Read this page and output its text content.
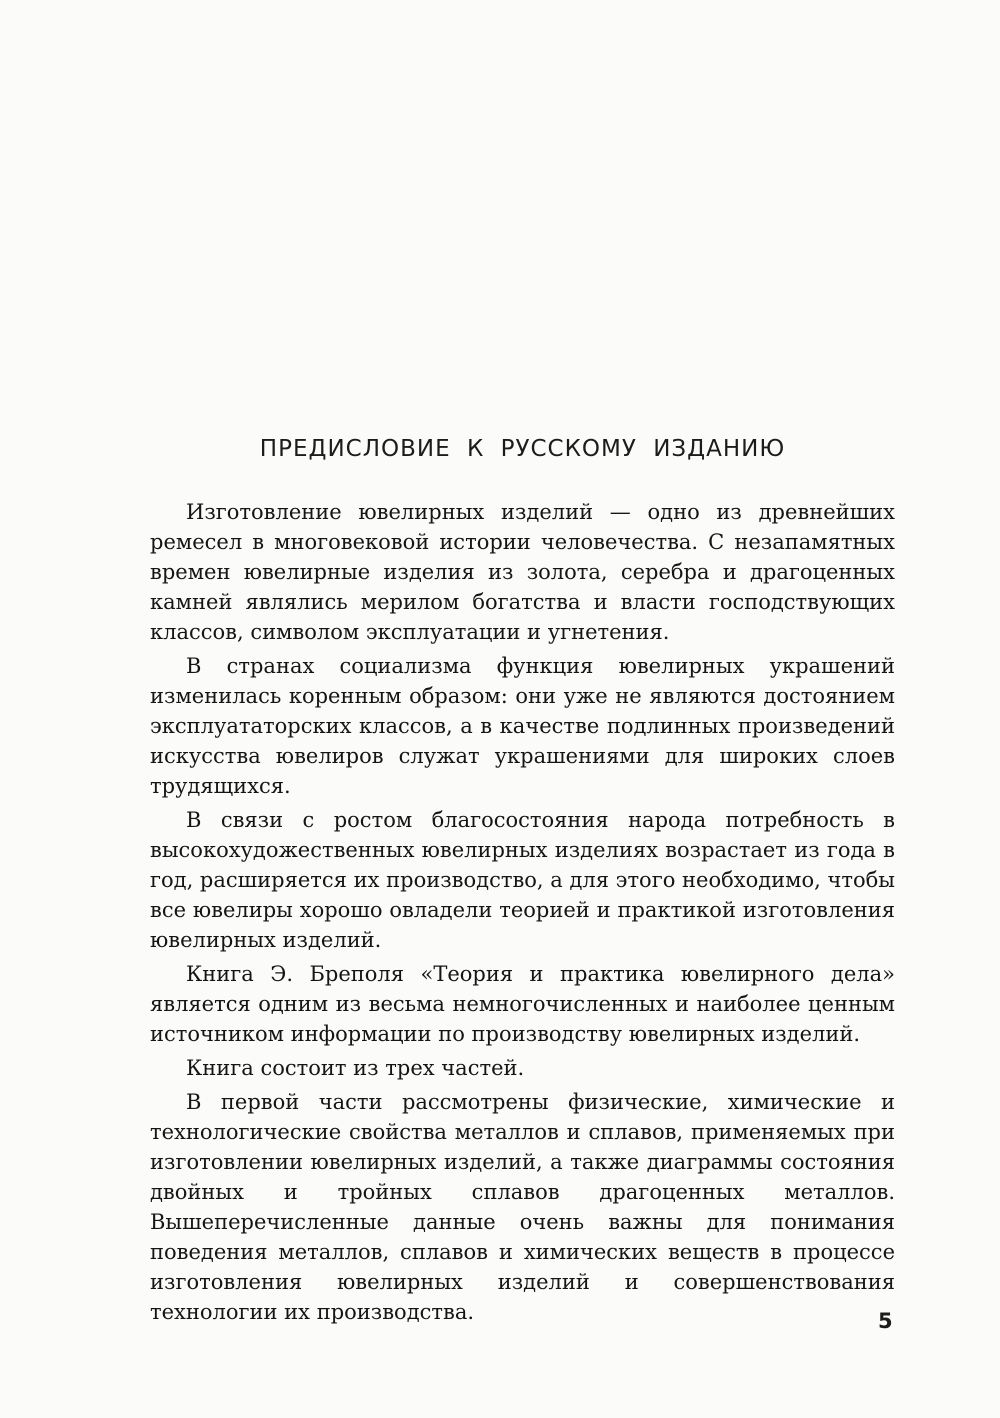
ПРЕДИСЛОВИЕ К РУССКОМУ ИЗДАНИЮ

Изготовление ювелирных изделий — одно из древнейших ремесел в многовековой истории человечества. С незапамятных времен ювелирные изделия из золота, серебра и драгоценных камней являлись мерилом богатства и власти господствующих классов, символом эксплуатации и угнетения.

В странах социализма функция ювелирных украшений изменилась коренным образом: они уже не являются достоянием эксплуататорских классов, а в качестве подлинных произведений искусства ювелиров служат украшениями для широких слоев трудящихся.

В связи с ростом благосостояния народа потребность в высокохудожественных ювелирных изделиях возрастает из года в год, расширяется их производство, а для этого необходимо, чтобы все ювелиры хорошо овладели теорией и практикой изготовления ювелирных изделий.

Книга Э. Бреполя «Теория и практика ювелирного дела» является одним из весьма немногочисленных и наиболее ценным источником информации по производству ювелирных изделий.

Книга состоит из трех частей.

В первой части рассмотрены физические, химические и технологические свойства металлов и сплавов, применяемых при изготовлении ювелирных изделий, а также диаграммы состояния двойных и тройных сплавов драгоценных металлов. Вышеперечисленные данные очень важны для понимания поведения металлов, сплавов и химических веществ в процессе изготовления ювелирных изделий и совершенствования технологии их производства.	5
